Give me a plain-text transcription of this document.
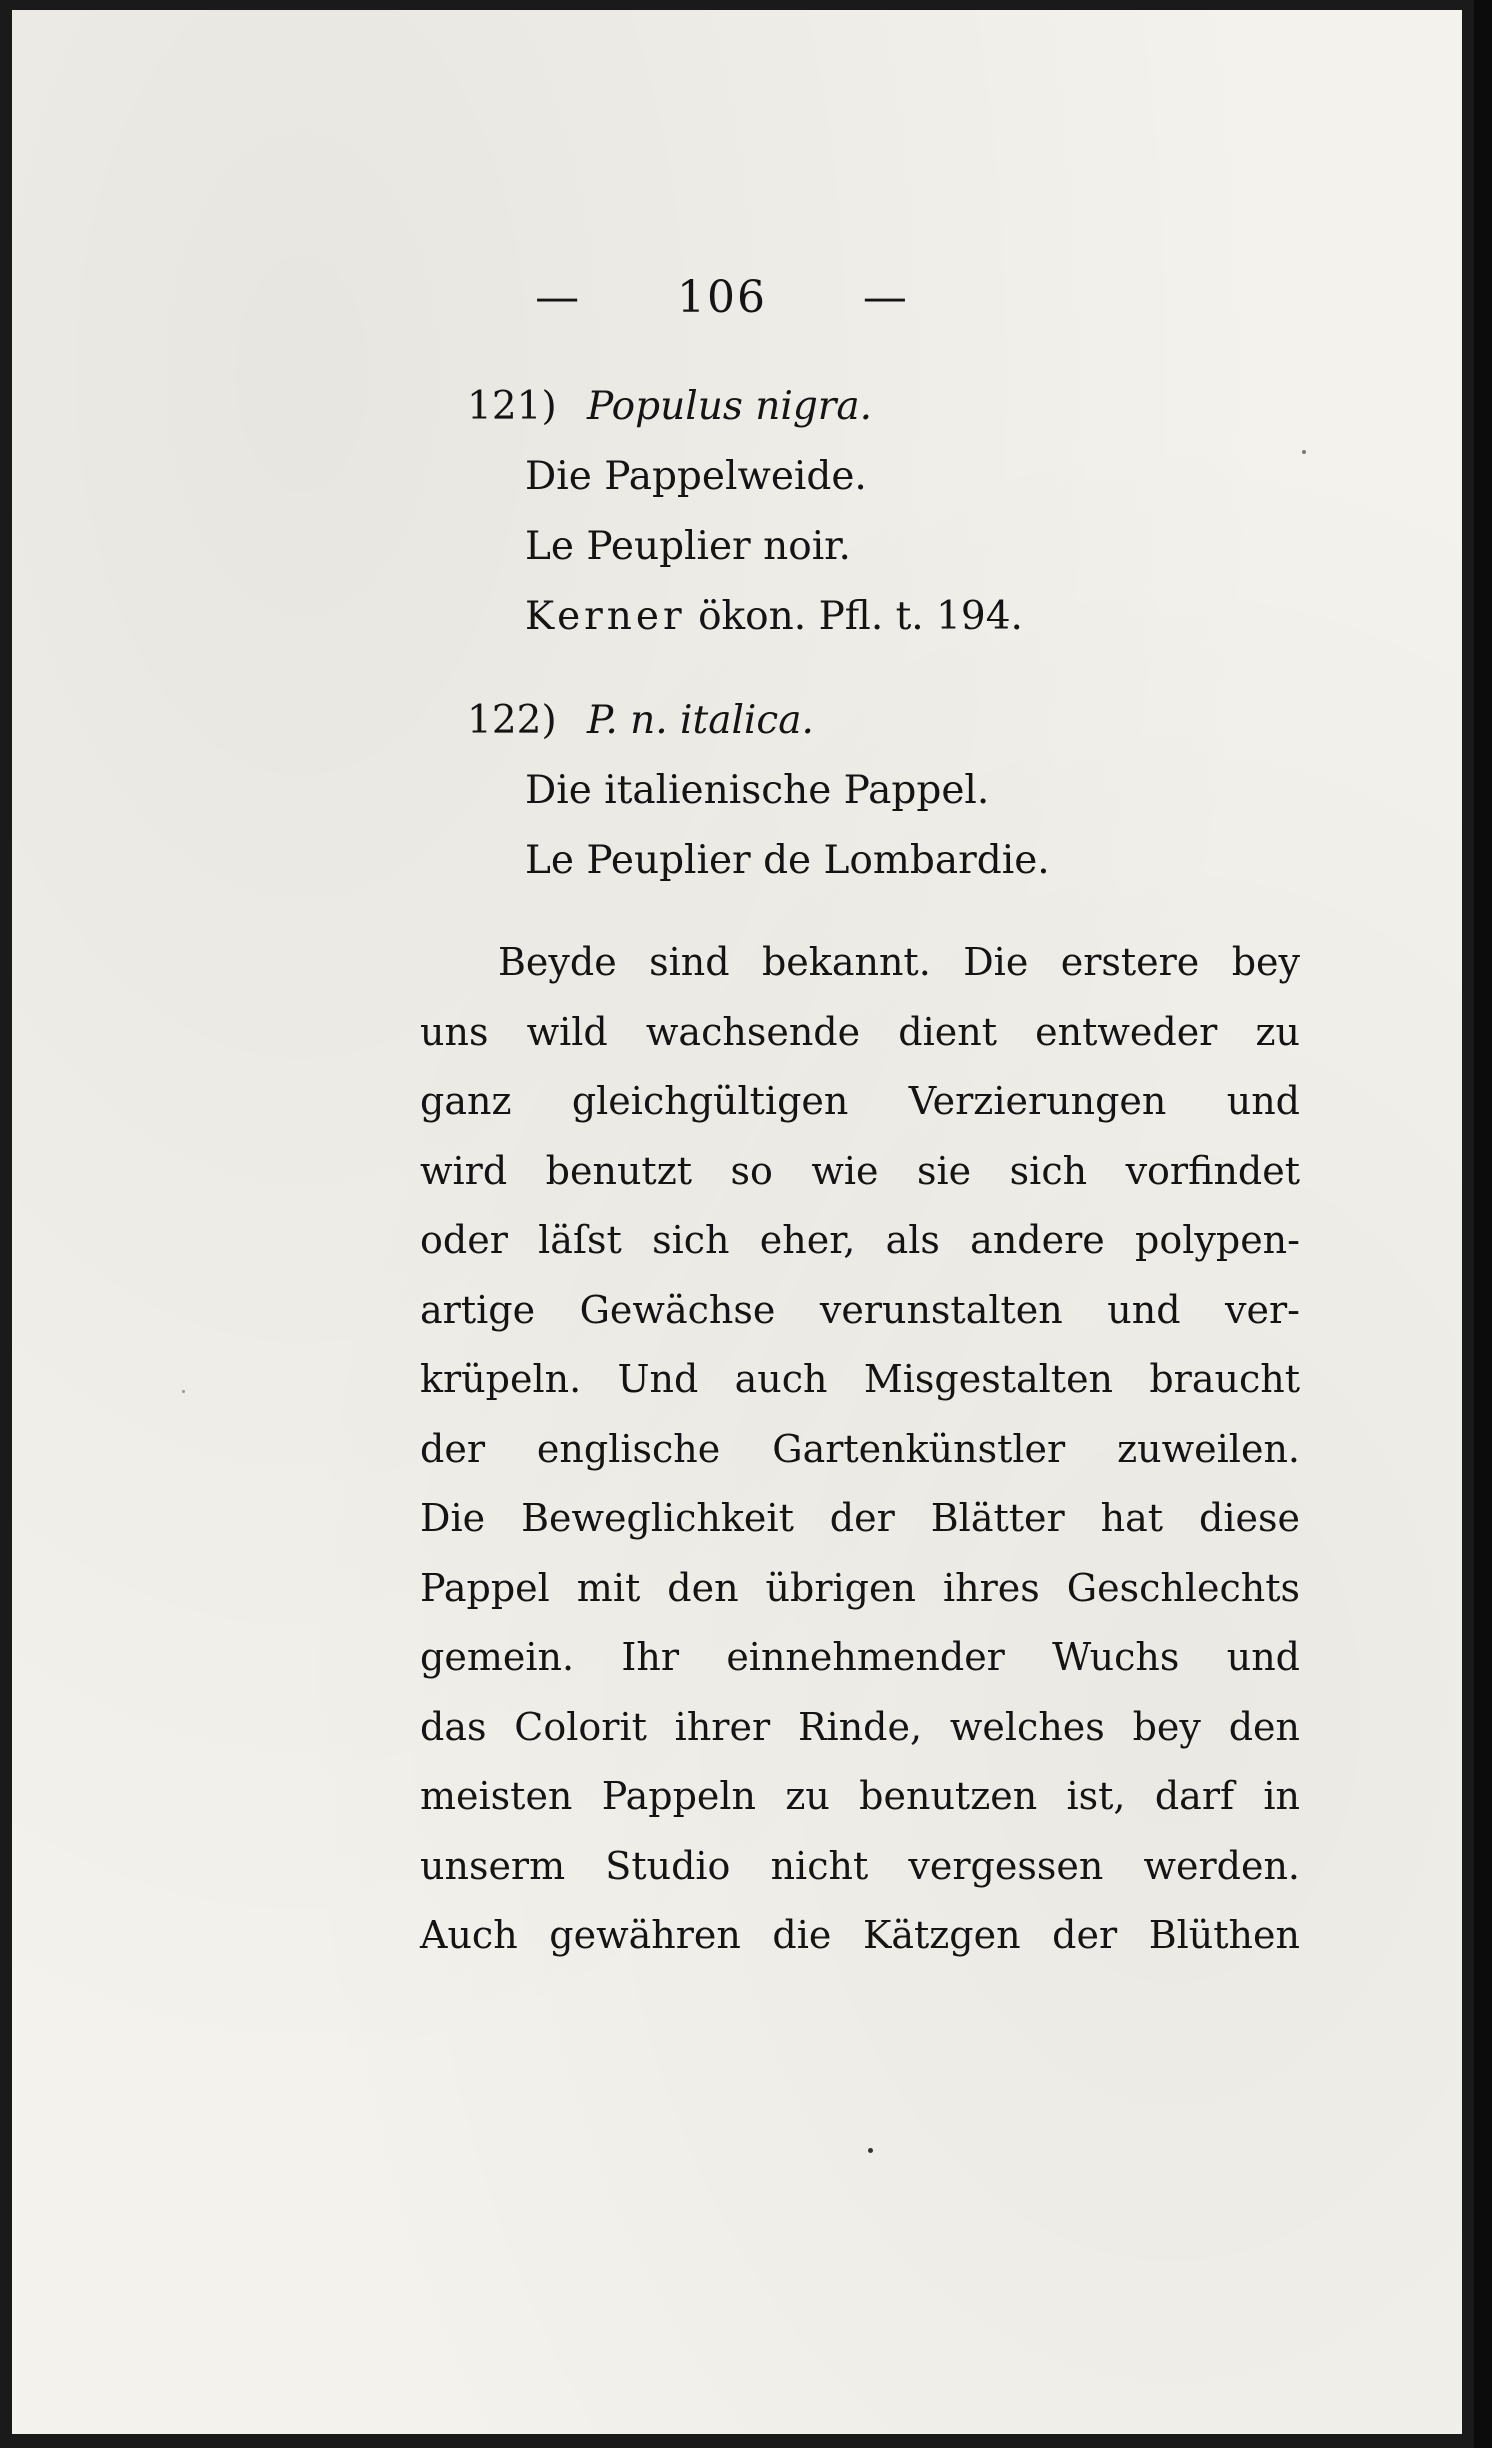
— 106 —
121) Populus nigra.
Die Pappelweide.
Le Peuplier noir.
Kerner ökon. Pfl. t. 194.
122) P. n. italica.
Die italienische Pappel.
Le Peuplier de Lombardie.
Beyde sind bekannt. Die erstere bey
uns wild wachsende dient entweder zu
ganz gleichgültigen Verzierungen und
wird benutzt so wie sie sich vorfindet
oder läſst sich eher, als andere polypen-
artige Gewächse verunstalten und ver-
krüpeln. Und auch Misgestalten braucht
der englische Gartenkünstler zuweilen.
Die Beweglichkeit der Blätter hat diese
Pappel mit den übrigen ihres Geschlechts
gemein. Ihr einnehmender Wuchs und
das Colorit ihrer Rinde, welches bey den
meisten Pappeln zu benutzen ist, darf in
unserm Studio nicht vergessen werden.
Auch gewähren die Kätzgen der Blüthen
